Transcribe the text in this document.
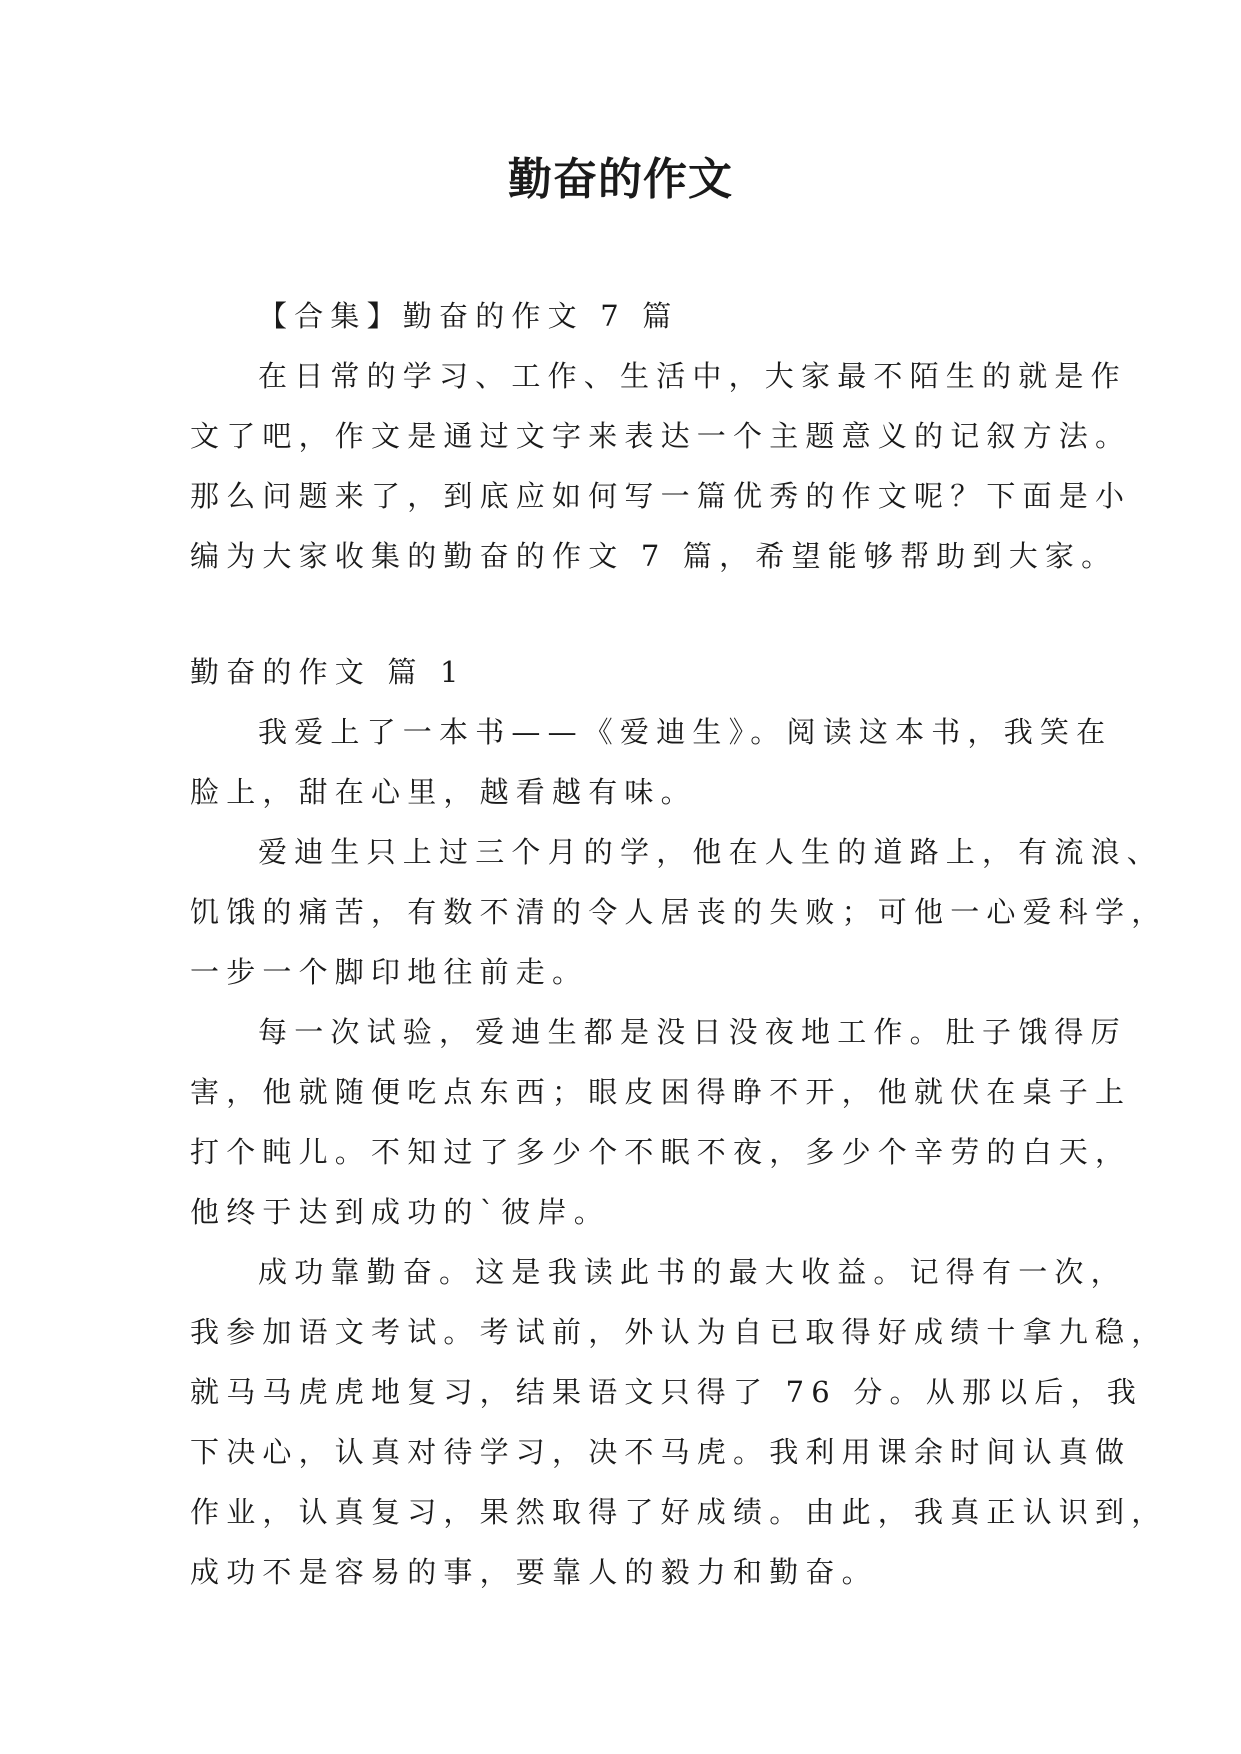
勤奋的作文
【合集】勤奋的作文 7 篇
在日常的学习、工作、生活中，大家最不陌生的就是作
文了吧，作文是通过文字来表达一个主题意义的记叙方法。
那么问题来了，到底应如何写一篇优秀的作文呢？下面是小
编为大家收集的勤奋的作文 7 篇，希望能够帮助到大家。
勤奋的作文 篇 1
我爱上了一本书——《爱迪生》。阅读这本书，我笑在
脸上，甜在心里，越看越有味。
爱迪生只上过三个月的学，他在人生的道路上，有流浪、
饥饿的痛苦，有数不清的令人居丧的失败；可他一心爱科学，
一步一个脚印地往前走。
每一次试验，爱迪生都是没日没夜地工作。肚子饿得厉
害，他就随便吃点东西；眼皮困得睁不开，他就伏在桌子上
打个盹儿。不知过了多少个不眠不夜，多少个辛劳的白天，
他终于达到成功的`彼岸。
成功靠勤奋。这是我读此书的最大收益。记得有一次，
我参加语文考试。考试前，外认为自已取得好成绩十拿九稳，
就马马虎虎地复习，结果语文只得了 76 分。从那以后，我
下决心，认真对待学习，决不马虎。我利用课余时间认真做
作业，认真复习，果然取得了好成绩。由此，我真正认识到，
成功不是容易的事，要靠人的毅力和勤奋。
